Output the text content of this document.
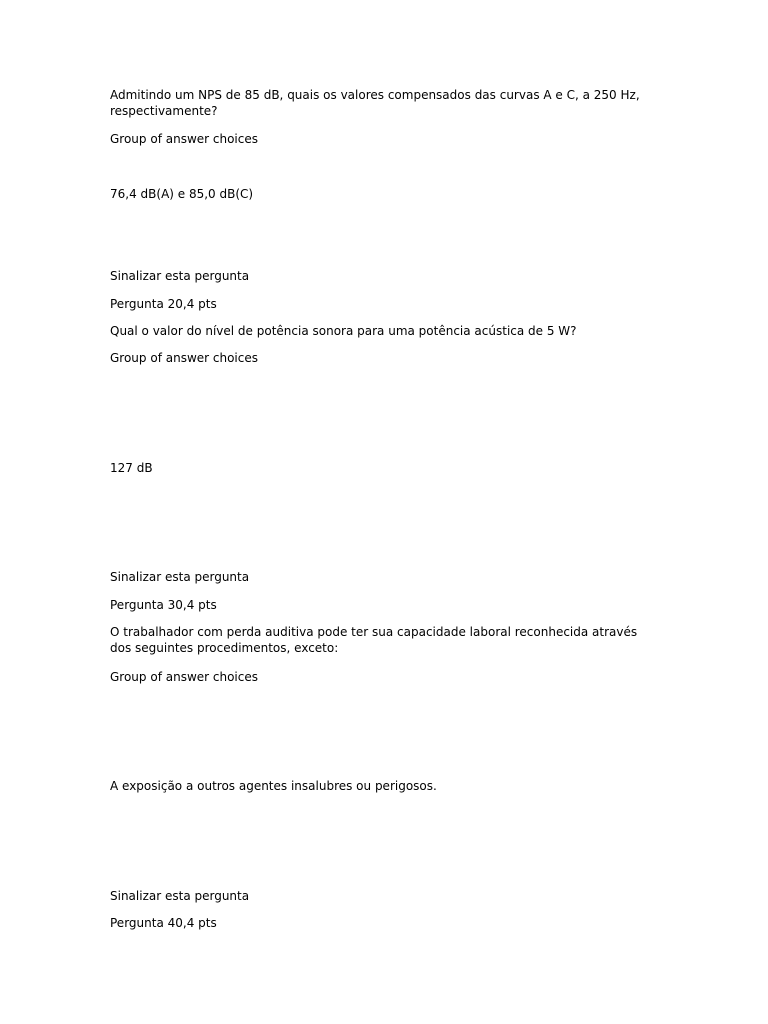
Admitindo um NPS de 85 dB, quais os valores compensados das curvas A e C, a 250 Hz, respectivamente?
Group of answer choices
76,4 dB(A) e 85,0 dB(C)
Sinalizar esta pergunta
Pergunta 20,4 pts
Qual o valor do nível de potência sonora para uma potência acústica de 5 W?
Group of answer choices
127 dB
Sinalizar esta pergunta
Pergunta 30,4 pts
O trabalhador com perda auditiva pode ter sua capacidade laboral reconhecida através dos seguintes procedimentos, exceto:
Group of answer choices
A exposição a outros agentes insalubres ou perigosos.
Sinalizar esta pergunta
Pergunta 40,4 pts
